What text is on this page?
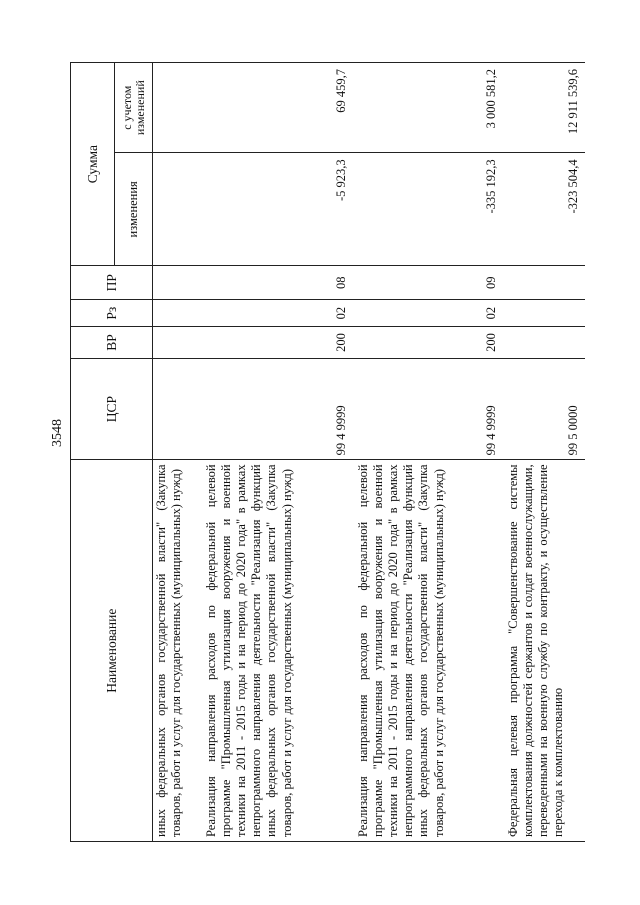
3548
Наименование	ЦСР	ВР	Рз	ПР	Сумма	
					изменения	с учетом изменений
иных федеральных органов государственной власти" (Закупка товаров, работ и услуг для государственных (муниципальных) нужд)						
Реализация направления расходов по федеральной целевой программе "Промышленная утилизация вооружения и военной техники на 2011 - 2015 годы и на период до 2020 года" в рамках непрограммного направления деятельности "Реализация функций иных федеральных органов государственной власти" (Закупка товаров, работ и услуг для государственных (муниципальных) нужд)	99 4 9999	200	02	08	-5 923,3	69 459,7
Реализация направления расходов по федеральной целевой программе "Промышленная утилизация вооружения и военной техники на 2011 - 2015 годы и на период до 2020 года" в рамках непрограммного направления деятельности "Реализация функций иных федеральных органов государственной власти" (Закупка товаров, работ и услуг для государственных (муниципальных) нужд)	99 4 9999	200	02	09	-335 192,3	3 000 581,2
Федеральная целевая программа "Совершенствование системы комплектования должностей сержантов и солдат военнослужащими, переведенными на военную службу по контракту, и осуществление перехода к комплектованию	99 5 0000				-323 504,4	12 911 539,6
